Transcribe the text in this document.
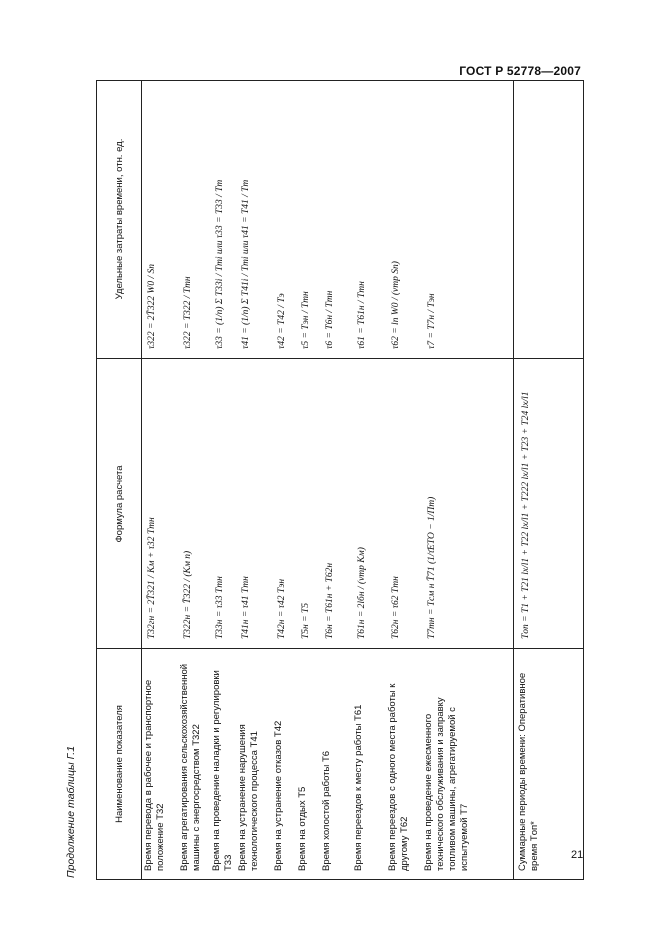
ГОСТ Р 52778—2007
Продолжение таблицы Г.1	Наименование показателя
Формула расчета
Удельные затраты времени, отн. ед.
Время перевода в рабочее и транспортное положение T32
T32гн = 2T̄321 / Kм + τ32 Tтн
τ322 = 2T̄322 W0 / Sп
Время агрегатирования сельскохозяйственной машины с энергосредством T322
T322н = T̄322 / (Kм n)
τ322 = T322 / Tтн
Время на проведение наладки и регулировки T33
T33н = τ33 Tтн
τ33 = (1/n) Σ T33i / Tтi или τ33 = T33 / Tт
Время на устранение нарушения технологического процесса T41
T41н = τ41 Tтн
τ41 = (1/n) Σ T41i / Tтi или τ41 = T41 / Tт
Время на устранение отказов T42
T42н = τ42 Tэн
τ42 = T42 / Tэ
Время на отдых T5
T5н = T5
τ5 = Tэн / Tтн
Время холостой работы T6
T6н = T61н + T62н
τ6 = T6н / Tтн
Время переездов к месту работы T61
T61н = 2lбн / (vтр Kм)
τ61 = T61н / Tтн
Время переездов с одного места работы к другому T62
T62н = τ62 Tтн
τ62 = lп W0 / (vтр Sп)
Время на проведение ежесменного технического обслуживания и заправку топливом машины, агрегатируемой с испытуемой T7
T7тн = Tсм н T̄71 (1/τ̄ЕТО − 1/Пт)
τ7 = T7н / Tэн
Суммарные периоды времени: Оперативное время Tоп*
Tоп = T1 + T21 lx/l1 + T22 lx/l1 + T222 lx/l1 + T23 + T24 lx/l1
21
